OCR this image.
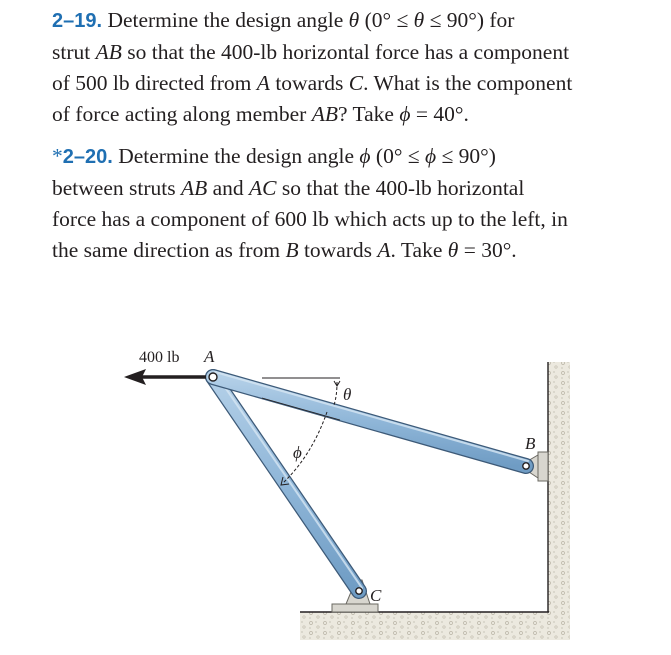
2–19. Determine the design angle θ (0° ≤ θ ≤ 90°) for
strut AB so that the 400-lb horizontal force has a component
of 500 lb directed from A towards C. What is the component
of force acting along member AB? Take ϕ = 40°.
*2–20. Determine the design angle ϕ (0° ≤ ϕ ≤ 90°)
between struts AB and AC so that the 400-lb horizontal
force has a component of 600 lb which acts up to the left, in
the same direction as from B towards A. Take θ = 30°.
400 lb A
B
C
θ
ϕ
